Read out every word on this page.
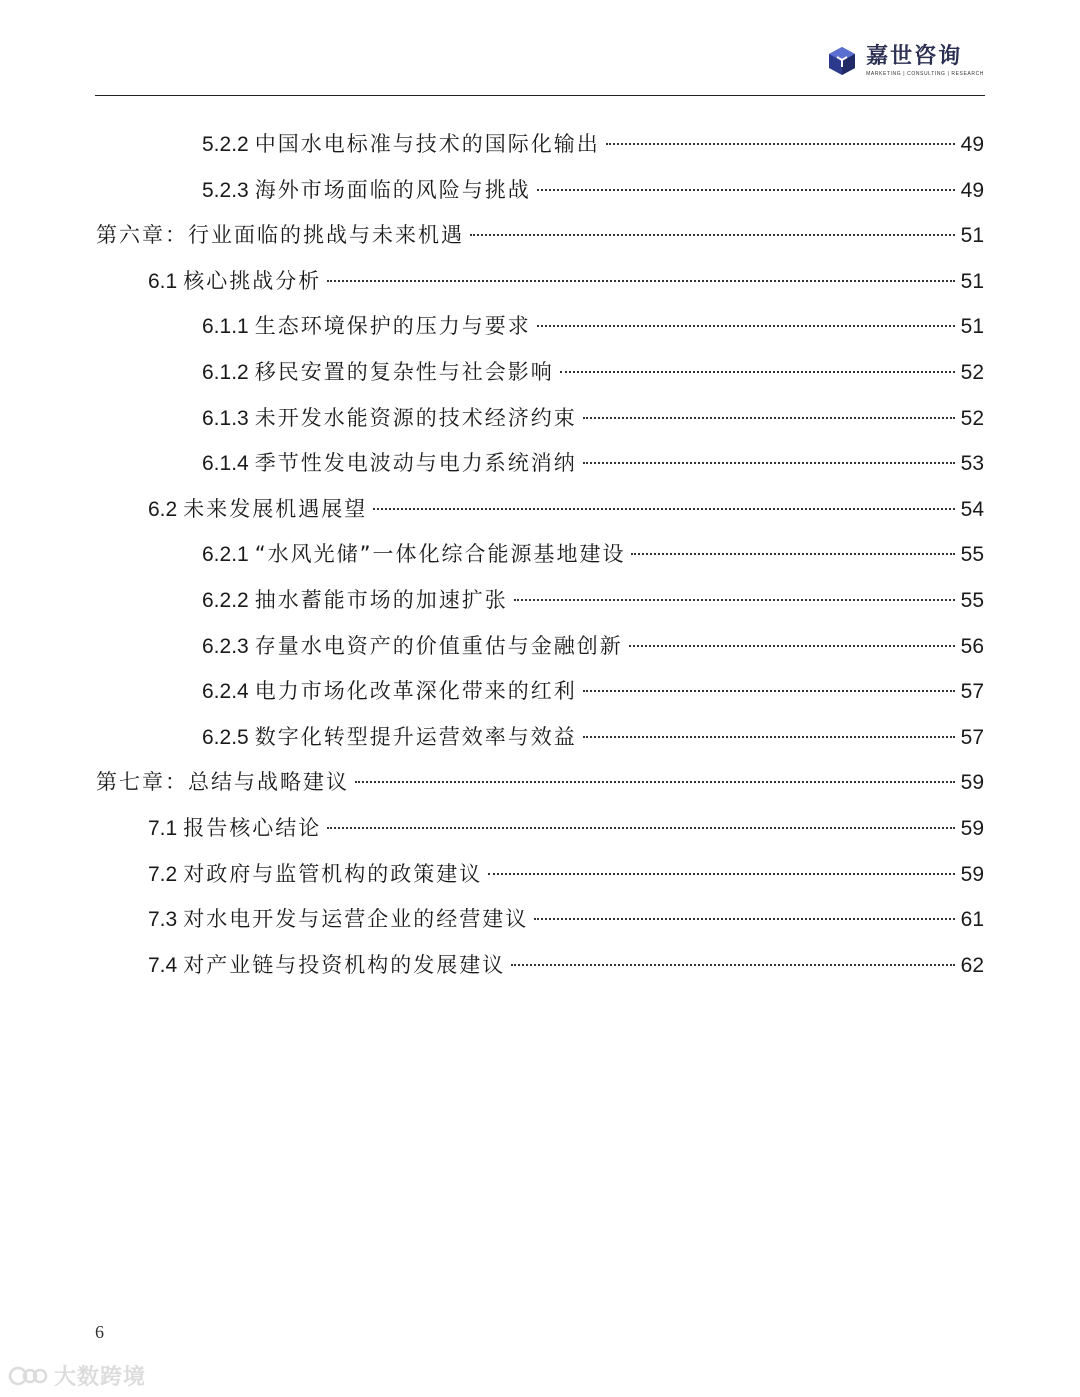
嘉世咨询
MARKETING | CONSULTING | RESEARCH
5.2.2 中国水电标准与技术的国际化输出	49
5.2.3 海外市场面临的风险与挑战	49
第六章：行业面临的挑战与未来机遇	51
6.1 核心挑战分析	51
6.1.1 生态环境保护的压力与要求	51
6.1.2 移民安置的复杂性与社会影响	52
6.1.3 未开发水能资源的技术经济约束	52
6.1.4 季节性发电波动与电力系统消纳	53
6.2 未来发展机遇展望	54
6.2.1 “水风光储”一体化综合能源基地建设	55
6.2.2 抽水蓄能市场的加速扩张	55
6.2.3 存量水电资产的价值重估与金融创新	56
6.2.4 电力市场化改革深化带来的红利	57
6.2.5 数字化转型提升运营效率与效益	57
第七章：总结与战略建议	59
7.1 报告核心结论	59
7.2 对政府与监管机构的政策建议	59
7.3 对水电开发与运营企业的经营建议	61
7.4 对产业链与投资机构的发展建议	62
6
大数跨境
